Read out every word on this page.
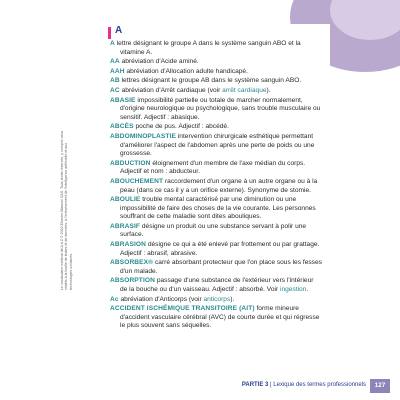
A
A lettre désignant le groupe A dans le système sanguin ABO et la vitamine A.
AA abréviation d'Acide aminé.
AAH abréviation d'Allocation adulte handicapé.
AB lettres désignant le groupe AB dans le système sanguin ABO.
AC abréviation d'Arrêt cardiaque (voir arrêt cardiaque).
ABASIE impossibilité partielle ou totale de marcher normalement, d'origine neurologique ou psychologique, sans trouble musculaire ou sensitif. Adjectif : abasique.
ABCÈS poche de pus. Adjectif : abcédé.
ABDOMINOPLASTIE intervention chirurgicale esthétique permettant d'améliorer l'aspect de l'abdomen après une perte de poids ou une grossesse.
ABDUCTION éloignement d'un membre de l'axe médian du corps. Adjectif et nom : abducteur.
ABOUCHEMENT raccordement d'un organe à un autre organe ou à la peau (dans ce cas il y a un orifice externe). Synonyme de stomie.
ABOULIE trouble mental caractérisé par une diminution ou une impossibilité de faire des choses de la vie courante. Les personnes souffrant de cette maladie sont dites abouliques.
ABRASIF désigne un produit ou une substance servant à polir une surface.
ABRASION désigne ce qui a été enlevé par frottement ou par grattage. Adjectif : abrasif, abrasive.
ABSORBEX® carré absorbant protecteur que l'on place sous les fesses d'un malade.
ABSORPTION passage d'une substance de l'extérieur vers l'intérieur de la bouche ou d'un vaisseau. Adjectif : absorbé. Voir ingestion.
Ac abréviation d'Anticorps (voir anticorps).
ACCIDENT ISCHÉMIQUE TRANSITOIRE (AIT) forme mineure d'accident vasculaire cérébral (AVC) de courte durée et qui régresse le plus souvent sans séquelles.
Le vocabulaire médical de A à Z © 2022 Elsevier Masson SAS. Tous droits réservés, y compris ceux relatifs à la fouille de textes et de données, à l'entraînement de l'intelligence artificielle et aux technologies similaires.
PARTIE 3 | Lexique des termes professionnels	127
